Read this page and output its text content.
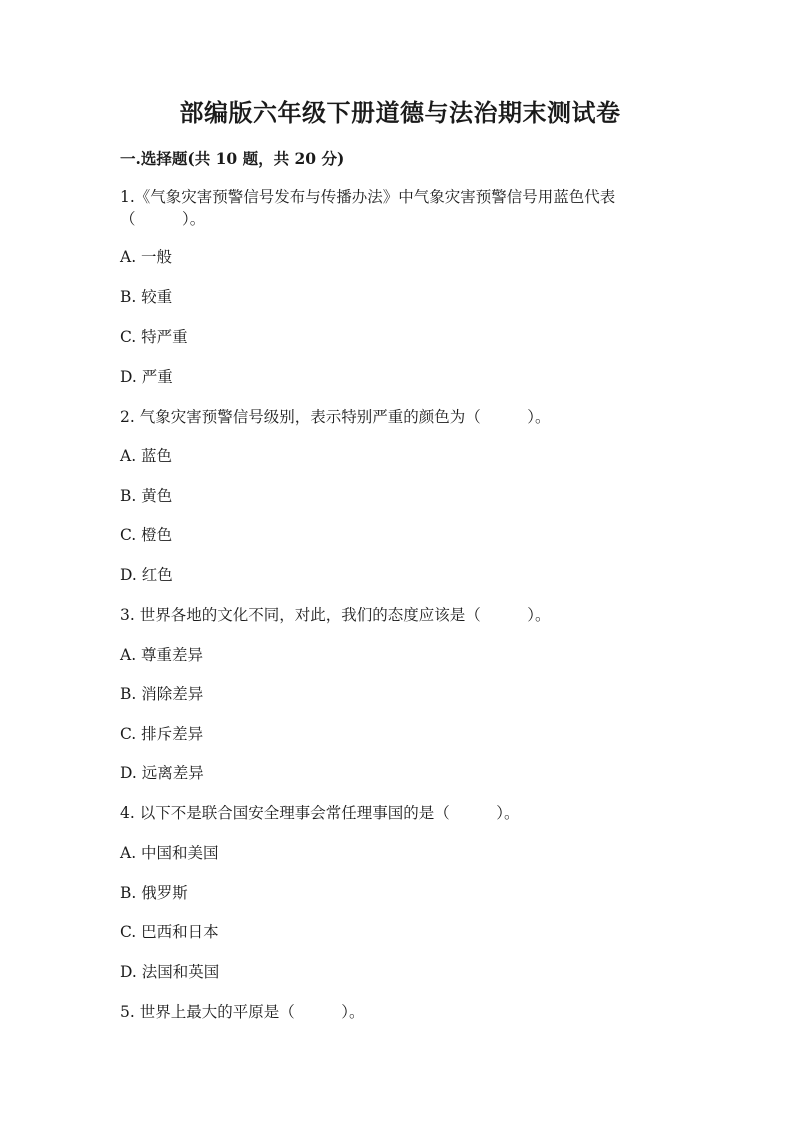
部编版六年级下册道德与法治期末测试卷
一.选择题(共 10 题，共 20 分)
1.《气象灾害预警信号发布与传播办法》中气象灾害预警信号用蓝色代表
（　　　）。
A. 一般
B. 较重
C. 特严重
D. 严重
2. 气象灾害预警信号级别，表示特别严重的颜色为（　　　）。
A. 蓝色
B. 黄色
C. 橙色
D. 红色
3. 世界各地的文化不同，对此，我们的态度应该是（　　　）。
A. 尊重差异
B. 消除差异
C. 排斥差异
D. 远离差异
4. 以下不是联合国安全理事会常任理事国的是（　　　）。
A. 中国和美国
B. 俄罗斯
C. 巴西和日本
D. 法国和英国
5. 世界上最大的平原是（　　　）。
